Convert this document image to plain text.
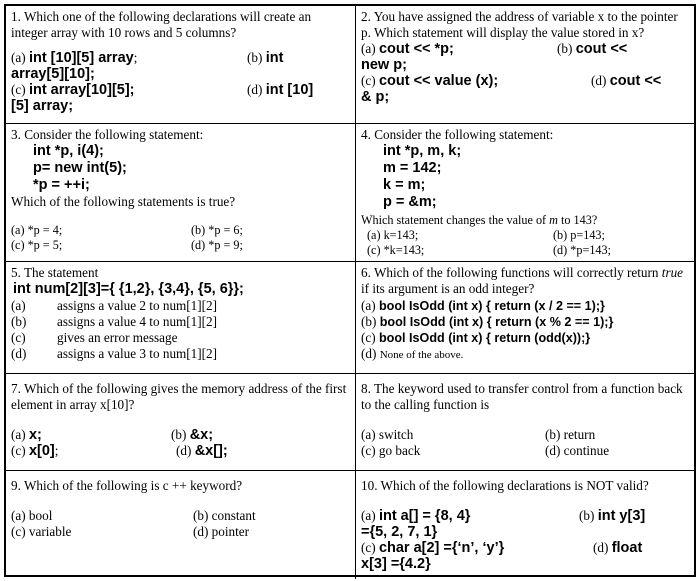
1. Which one of the following declarations will create an integer array with 10 rows and 5 columns?

(a) int [10][5] array;	(b) int
array[5][10];
(c) int array[10][5];	(d) int [10]
[5] array;

2. You have assigned the address of variable x to the pointer p. Which statement will display the value stored in x?

(a) cout << *p;	(b) cout <<
new p;
(c) cout << value (x);	(d) cout <<
& p;

3. Consider the following statement:

int *p, i(4);
p= new int(5);
*p = ++i;

Which of the following statements is true?

(a) *p = 4;	(b) *p = 6;
(c) *p = 5;	(d) *p = 9;

4. Consider the following statement:

int *p, m, k;
m = 142;
k = m;
p = &m;

Which statement changes the value of m to 143?

(a) k=143;	(b) p=143;
(c) *k=143;	(d) *p=143;

5. The statement

int num[2][3]={ {1,2}, {3,4}, {5, 6}};
(a)	assigns a value 2 to num[1][2]
(b)	assigns a value 4 to num[1][2]
(c)	gives an error message
(d)	assigns a value 3 to num[1][2]

6. Which of the following functions will correctly return true if its argument is an odd integer?

(a) bool IsOdd (int x) { return (x / 2 == 1);}
(b) bool IsOdd (int x) { return (x % 2 == 1);}
(c) bool IsOdd (int x) { return (odd(x));}
(d) None of the above.

7. Which of the following gives the memory address of the first element in array x[10]?

(a) x;	(b) &x;
(c) x[0];	(d) &x[];

8. The keyword used to transfer control from a function back to the calling function is

(a) switch	(b) return
(c) go back	(d) continue

9. Which of the following is c ++ keyword?

(a) bool	(b) constant
(c) variable	(d) pointer

10. Which of the following declarations is NOT valid?

(a) int a[] = {8, 4}	(b) int y[3]
={5, 2, 7, 1}
(c) char a[2] ={‘n’, ‘y’}	(d) float
x[3] ={4.2}
